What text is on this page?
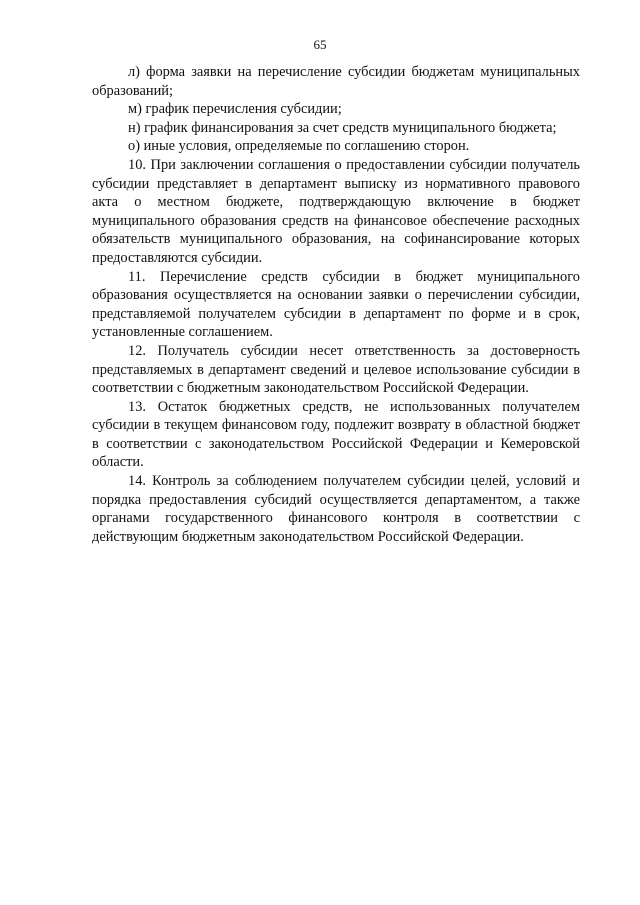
65

л) форма заявки на перечисление субсидии бюджетам муниципальных образований;

м) график перечисления субсидии;

н) график финансирования за счет средств муниципального бюджета;

о) иные условия, определяемые по соглашению сторон.

10. При заключении соглашения о предоставлении субсидии получатель субсидии представляет в департамент выписку из нормативного правового акта о местном бюджете, подтверждающую включение в бюджет муниципального образования средств на финансовое обеспечение расходных обязательств муниципального образования, на софинансирование которых предоставляются субсидии.

11. Перечисление средств субсидии в бюджет муниципального образования осуществляется на основании заявки о перечислении субсидии, представляемой получателем субсидии в департамент по форме и в срок, установленные соглашением.

12. Получатель субсидии несет ответственность за достоверность представляемых в департамент сведений и целевое использование субсидии в соответствии с бюджетным законодательством Российской Федерации.

13. Остаток бюджетных средств, не использованных получателем субсидии в текущем финансовом году, подлежит возврату в областной бюджет в соответствии с законодательством Российской Федерации и Кемеровской области.

14. Контроль за соблюдением получателем субсидии целей, условий и порядка предоставления субсидий осуществляется департаментом, а также органами государственного финансового контроля в соответствии с действующим бюджетным законодательством Российской Федерации.
